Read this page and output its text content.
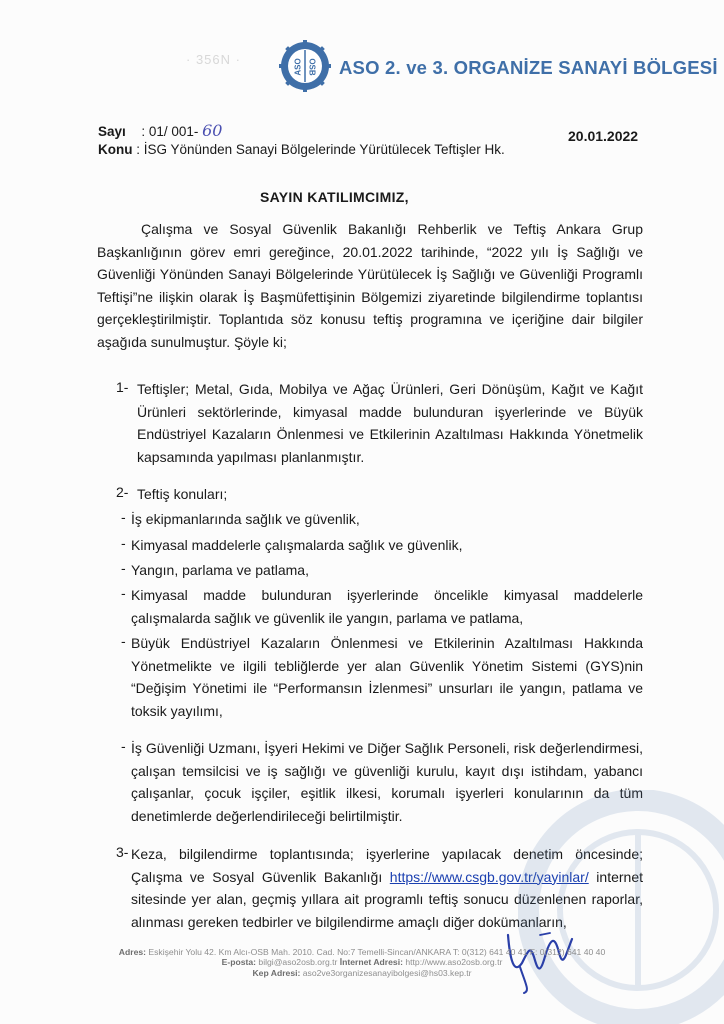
· 356N ·	ASO OSB ASO 2. ve 3. ORGANİZE SANAYİ BÖLGESİ
Sayı : 01/ 001- 60
Konu : İSG Yönünden Sanayi Bölgelerinde Yürütülecek Teftişler Hk.
20.01.2022
SAYIN KATILIMCIMIZ,

Çalışma ve Sosyal Güvenlik Bakanlığı Rehberlik ve Teftiş Ankara Grup Başkanlığının görev emri gereğince, 20.01.2022 tarihinde, “2022 yılı İş Sağlığı ve Güvenliği Yönünden Sanayi Bölgelerinde Yürütülecek İş Sağlığı ve Güvenliği Programlı Teftişi”ne ilişkin olarak İş Başmüfettişinin Bölgemizi ziyaretinde bilgilendirme toplantısı gerçekleştirilmiştir. Toplantıda söz konusu teftiş programına ve içeriğine dair bilgiler aşağıda sunulmuştur. Şöyle ki;

1- Teftişler; Metal, Gıda, Mobilya ve Ağaç Ürünleri, Geri Dönüşüm, Kağıt ve Kağıt Ürünleri sektörlerinde, kimyasal madde bulunduran işyerlerinde ve Büyük Endüstriyel Kazaların Önlenmesi ve Etkilerinin Azaltılması Hakkında Yönetmelik kapsamında yapılması planlanmıştır.
2- Teftiş konuları;
- İş ekipmanlarında sağlık ve güvenlik,
- Kimyasal maddelerle çalışmalarda sağlık ve güvenlik,
- Yangın, parlama ve patlama,
- Kimyasal madde bulunduran işyerlerinde öncelikle kimyasal maddelerle çalışmalarda sağlık ve güvenlik ile yangın, parlama ve patlama,
- Büyük Endüstriyel Kazaların Önlenmesi ve Etkilerinin Azaltılması Hakkında Yönetmelikte ve ilgili tebliğlerde yer alan Güvenlik Yönetim Sistemi (GYS)nin “Değişim Yönetimi ile “Performansın İzlenmesi” unsurları ile yangın, patlama ve toksik yayılımı,
- İş Güvenliği Uzmanı, İşyeri Hekimi ve Diğer Sağlık Personeli, risk değerlendirmesi, çalışan temsilcisi ve iş sağlığı ve güvenliği kurulu, kayıt dışı istihdam, yabancı çalışanlar, çocuk işçiler, eşitlik ilkesi, korumalı işyerleri konularının da tüm denetimlerde değerlendirileceği belirtilmiştir.
3- Keza, bilgilendirme toplantısında; işyerlerine yapılacak denetim öncesinde; Çalışma ve Sosyal Güvenlik Bakanlığı https://www.csgb.gov.tr/yayinlar/ internet sitesinde yer alan, geçmiş yıllara ait programlı teftiş sonucu düzenlenen raporlar, alınması gereken tedbirler ve bilgilendirme amaçlı diğer dokümanların,
Adres: Eskişehir Yolu 42. Km Alcı-OSB Mah. 2010. Cad. No:7 Temelli-Sincan/ANKARA T: 0(312) 641 40 41 F: 0(312) 641 40 40
E-posta: bilgi@aso2osb.org.tr İnternet Adresi: http://www.aso2osb.org.tr
Kep Adresi: aso2ve3organizesanayibolgesi@hs03.kep.tr
